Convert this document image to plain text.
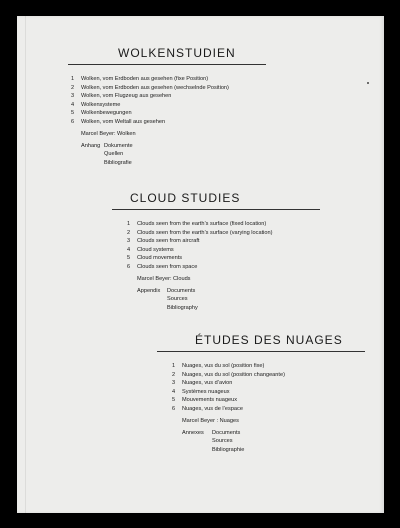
WOLKENSTUDIEN
1	Wolken, vom Erdboden aus gesehen (fixe Position)
2	Wolken, vom Erdboden aus gesehen (wechselnde Position)
3	Wolken, vom Flugzeug aus gesehen
4	Wolkensysteme
5	Wolkenbewegungen
6	Wolken, vom Weltall aus gesehen
Marcel Beyer: Wolken
Anhang Dokumente
Quellen
Bibliografie
CLOUD STUDIES
1	Clouds seen from the earth’s surface (fixed location)
2	Clouds seen from the earth’s surface (varying location)
3	Clouds seen from aircraft
4	Cloud systems
5	Cloud movements
6	Clouds seen from space
Marcel Beyer: Clouds
Appendix	Documents
Sources
Bibliography
ÉTUDES DES NUAGES
1	Nuages, vus du sol (position fixe)
2	Nuages, vus du sol (position changeante)
3	Nuages, vus d’avion
4	Systèmes nuageux
5	Mouvements nuageux
6	Nuages, vus de l’espace
Marcel Beyer : Nuages
Annexes	Documents
Sources
Bibliographie
